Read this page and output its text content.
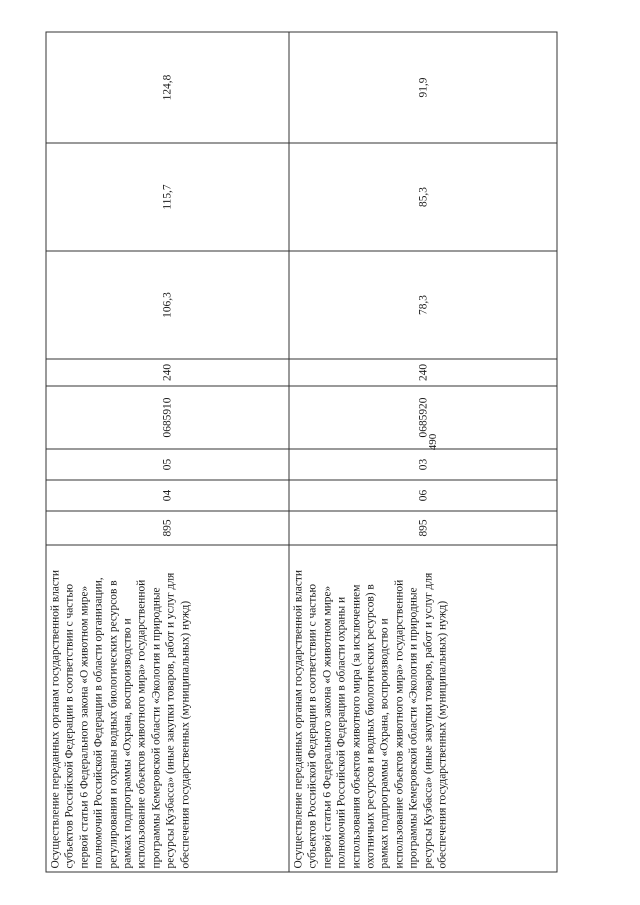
490
Осуществление переданных органам государственной власти субъектов Российской Федерации в соответствии с частью первой статьи 6 Федерального закона «О животном мире» полномочий Российской Федерации в области организации, регулирования и охраны водных биологических ресурсов в рамках подпрограммы «Охрана, воспроизводство и использование объектов животного мира» государственной программы Кемеровской области «Экология и природные ресурсы Кузбасса» (иные закупки товаров, работ и услуг для обеспечения государственных (муниципальных) нужд)	895	04	05	0685910	240	106,3	115,7	124,8
Осуществление переданных органам государственной власти субъектов Российской Федерации в соответствии с частью первой статьи 6 Федерального закона «О животном мире» полномочий Российской Федерации в области охраны и использования объектов животного мира (за исключением охотничьих ресурсов и водных биологических ресурсов) в рамках подпрограммы «Охрана, воспроизводство и использование объектов животного мира» государственной программы Кемеровской области «Экология и природные ресурсы Кузбасса» (иные закупки товаров, работ и услуг для обеспечения государственных (муниципальных) нужд)	895	06	03	0685920	240	78,3	85,3	91,9
